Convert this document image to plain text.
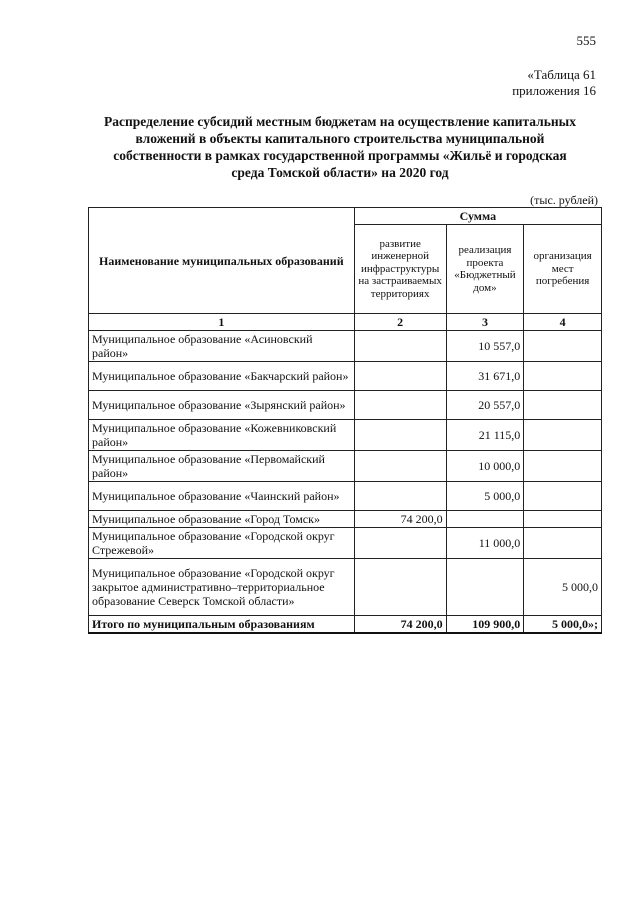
555
«Таблица 61
приложения 16
Распределение субсидий местным бюджетам на осуществление капитальных
вложений в объекты капитального строительства муниципальной
собственности в рамках государственной программы «Жильё и городская
среда Томской области» на 2020 год
(тыс. рублей)
Наименование муниципальных образований	Сумма		
	развитие инженерной инфраструктуры на застраиваемых территориях	реализация проекта «Бюджетный дом»	организация мест погребения
1	2	3	4
Муниципальное образование «Асиновский район»		10 557,0	
Муниципальное образование «Бакчарский район»		31 671,0	
Муниципальное образование «Зырянский район»		20 557,0	
Муниципальное образование «Кожевниковский район»		21 115,0	
Муниципальное образование «Первомайский район»		10 000,0	
Муниципальное образование «Чаинский район»		5 000,0	
Муниципальное образование «Город Томск»	74 200,0		
Муниципальное образование «Городской округ Стрежевой»		11 000,0	
Муниципальное образование «Городской округ закрытое административно–территориальное образование Северск Томской области»			5 000,0
Итого по муниципальным образованиям	74 200,0	109 900,0	5 000,0»;
